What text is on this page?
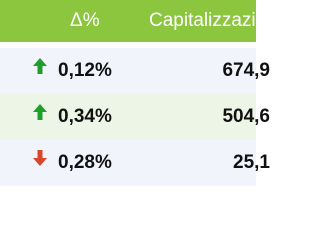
Δ%	Capitalizzazione
0,12%	674,9
0,34%	504,6
0,28%	25,1
